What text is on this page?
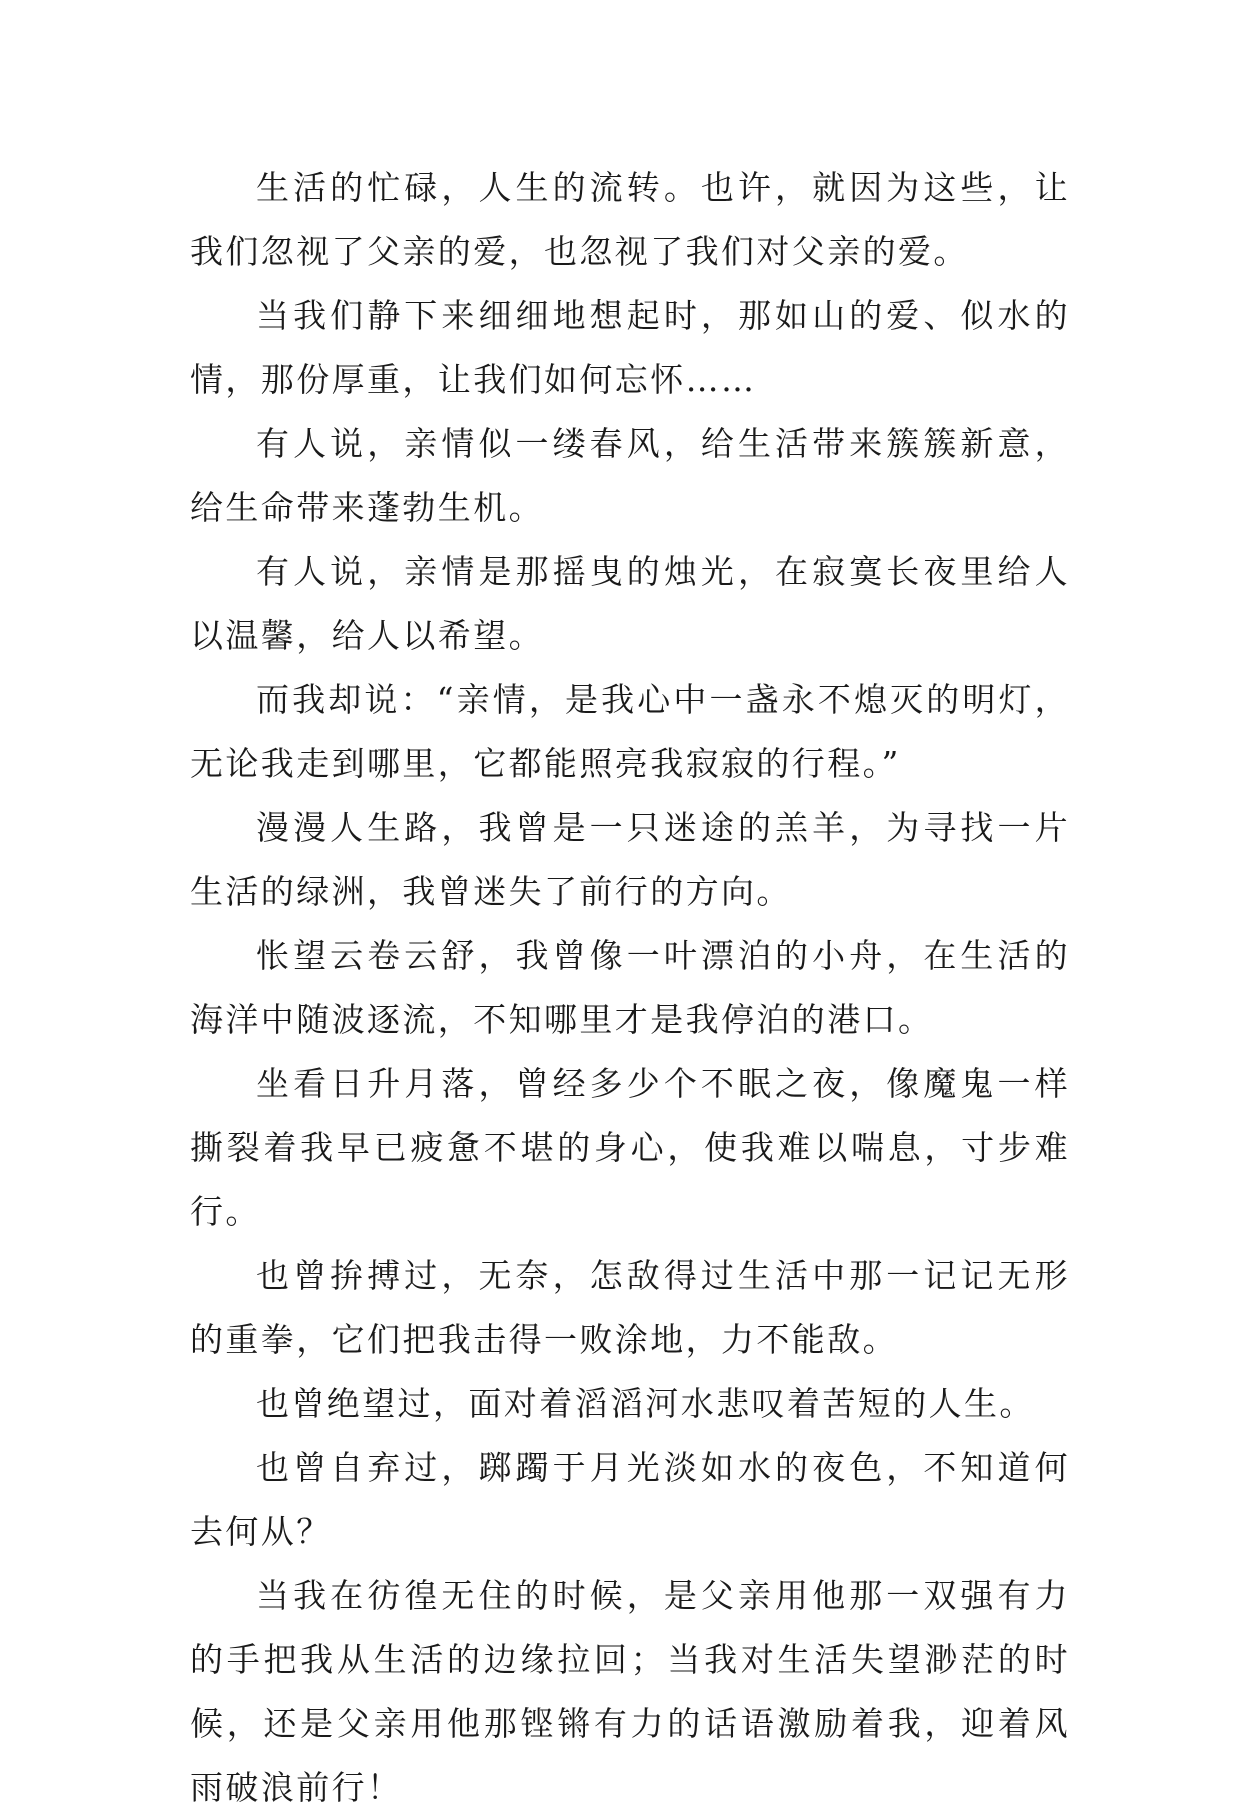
生活的忙碌，人生的流转。也许，就因为这些，让我们忽视了父亲的爱，也忽视了我们对父亲的爱。

当我们静下来细细地想起时，那如山的爱、似水的情，那份厚重，让我们如何忘怀……

有人说，亲情似一缕春风，给生活带来簇簇新意，给生命带来蓬勃生机。

有人说，亲情是那摇曳的烛光，在寂寞长夜里给人以温馨，给人以希望。

而我却说：“亲情，是我心中一盏永不熄灭的明灯，无论我走到哪里，它都能照亮我寂寂的行程。”

漫漫人生路，我曾是一只迷途的羔羊，为寻找一片生活的绿洲，我曾迷失了前行的方向。

怅望云卷云舒，我曾像一叶漂泊的小舟，在生活的海洋中随波逐流，不知哪里才是我停泊的港口。

坐看日升月落，曾经多少个不眠之夜，像魔鬼一样撕裂着我早已疲惫不堪的身心，使我难以喘息，寸步难行。

也曾拚搏过，无奈，怎敌得过生活中那一记记无形的重拳，它们把我击得一败涂地，力不能敌。

也曾绝望过，面对着滔滔河水悲叹着苦短的人生。

也曾自弃过，踯躅于月光淡如水的夜色，不知道何去何从？

当我在彷徨无住的时候，是父亲用他那一双强有力的手把我从生活的边缘拉回；当我对生活失望渺茫的时候，还是父亲用他那铿锵有力的话语激励着我，迎着风雨破浪前行！
